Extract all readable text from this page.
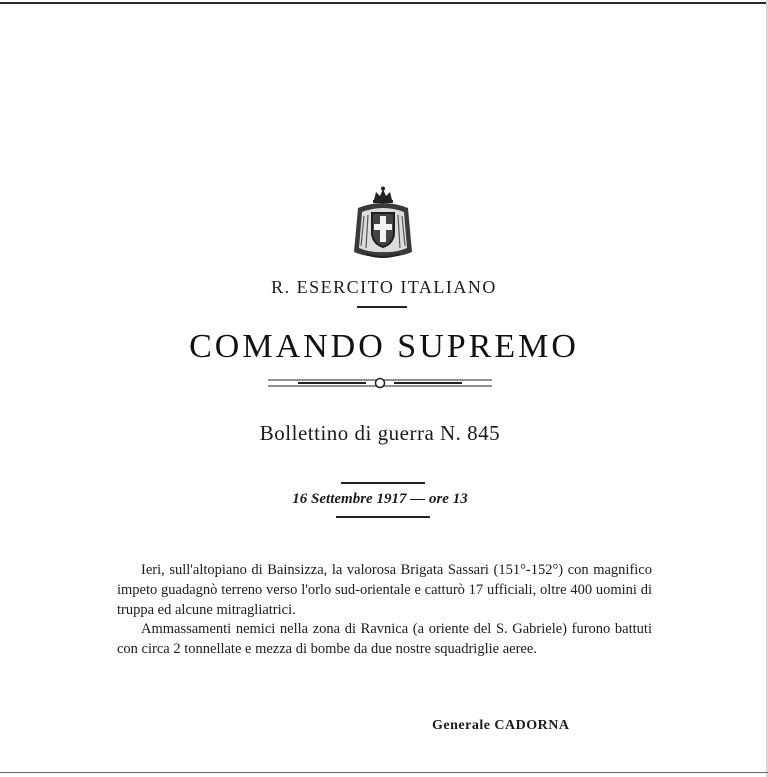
R. ESERCITO ITALIANO
COMANDO SUPREMO
Bollettino di guerra N. 845
16 Settembre 1917 — ore 13

Ieri, sull'altopiano di Bainsizza, la valorosa Brigata Sassari (151°-152°) con magnifico impeto guadagnò terreno verso l'orlo sud-orientale e catturò 17 ufficiali, oltre 400 uomini di truppa ed alcune mitragliatrici.

Ammassamenti nemici nella zona di Ravnica (a oriente del S. Gabriele) furono battuti con circa 2 tonnellate e mezza di bombe da due nostre squadriglie aeree.

Generale CADORNA
